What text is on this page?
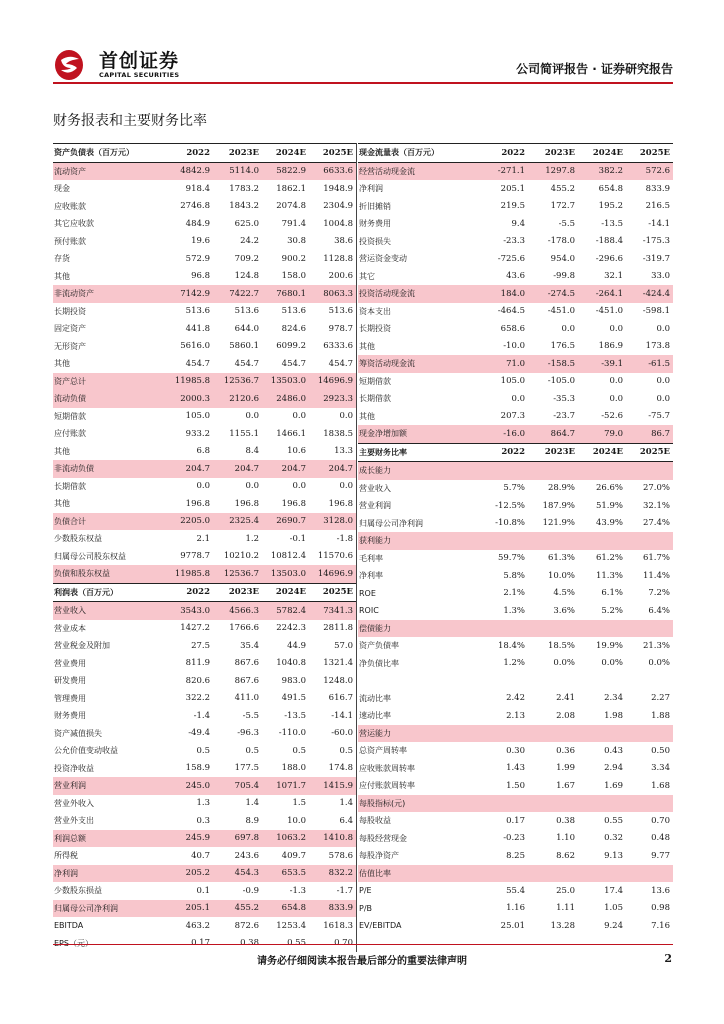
首创证券
CAPITAL SECURITIES	公司简评报告 · 证券研究报告
财务报表和主要财务比率
资产负债表（百万元）	2022	2023E	2024E	2025E
流动资产	4842.9	5114.0	5822.9	6633.6
现金	918.4	1783.2	1862.1	1948.9
应收账款	2746.8	1843.2	2074.8	2304.9
其它应收款	484.9	625.0	791.4	1004.8
预付账款	19.6	24.2	30.8	38.6
存货	572.9	709.2	900.2	1128.8
其他	96.8	124.8	158.0	200.6
非流动资产	7142.9	7422.7	7680.1	8063.3
长期投资	513.6	513.6	513.6	513.6
固定资产	441.8	644.0	824.6	978.7
无形资产	5616.0	5860.1	6099.2	6333.6
其他	454.7	454.7	454.7	454.7
资产总计	11985.8	12536.7	13503.0	14696.9
流动负债	2000.3	2120.6	2486.0	2923.3
短期借款	105.0	0.0	0.0	0.0
应付账款	933.2	1155.1	1466.1	1838.5
其他	6.8	8.4	10.6	13.3
非流动负债	204.7	204.7	204.7	204.7
长期借款	0.0	0.0	0.0	0.0
其他	196.8	196.8	196.8	196.8
负债合计	2205.0	2325.4	2690.7	3128.0
少数股东权益	2.1	1.2	-0.1	-1.8
归属母公司股东权益	9778.7	10210.2	10812.4	11570.6
负债和股东权益	11985.8	12536.7	13503.0	14696.9
利润表（百万元）	2022	2023E	2024E	2025E
营业收入	3543.0	4566.3	5782.4	7341.3
营业成本	1427.2	1766.6	2242.3	2811.8
营业税金及附加	27.5	35.4	44.9	57.0
营业费用	811.9	867.6	1040.8	1321.4
研发费用	820.6	867.6	983.0	1248.0
管理费用	322.2	411.0	491.5	616.7
财务费用	-1.4	-5.5	-13.5	-14.1
资产减值损失	-49.4	-96.3	-110.0	-60.0
公允价值变动收益	0.5	0.5	0.5	0.5
投资净收益	158.9	177.5	188.0	174.8
营业利润	245.0	705.4	1071.7	1415.9
营业外收入	1.3	1.4	1.5	1.4
营业外支出	0.3	8.9	10.0	6.4
利润总额	245.9	697.8	1063.2	1410.8
所得税	40.7	243.6	409.7	578.6
净利润	205.2	454.3	653.5	832.2
少数股东损益	0.1	-0.9	-1.3	-1.7
归属母公司净利润	205.1	455.2	654.8	833.9
EBITDA	463.2	872.6	1253.4	1618.3

现金流量表（百万元）	2022	2023E	2024E	2025E
经营活动现金流	-271.1	1297.8	382.2	572.6
净利润	205.1	455.2	654.8	833.9
折旧摊销	219.5	172.7	195.2	216.5
财务费用	9.4	-5.5	-13.5	-14.1
投资损失	-23.3	-178.0	-188.4	-175.3
营运资金变动	-725.6	954.0	-296.6	-319.7
其它	43.6	-99.8	32.1	33.0
投资活动现金流	184.0	-274.5	-264.1	-424.4
资本支出	-464.5	-451.0	-451.0	-598.1
长期投资	658.6	0.0	0.0	0.0
其他	-10.0	176.5	186.9	173.8
筹资活动现金流	71.0	-158.5	-39.1	-61.5
短期借款	105.0	-105.0	0.0	0.0
长期借款	0.0	-35.3	0.0	0.0
其他	207.3	-23.7	-52.6	-75.7
现金净增加额	-16.0	864.7	79.0	86.7
主要财务比率	2022	2023E	2024E	2025E
成长能力				
营业收入	5.7%	28.9%	26.6%	27.0%
营业利润	-12.5%	187.9%	51.9%	32.1%
归属母公司净利润	-10.8%	121.9%	43.9%	27.4%
获利能力				
毛利率	59.7%	61.3%	61.2%	61.7%
净利率	5.8%	10.0%	11.3%	11.4%
ROE	2.1%	4.5%	6.1%	7.2%
ROIC	1.3%	3.6%	5.2%	6.4%
偿债能力				
资产负债率	18.4%	18.5%	19.9%	21.3%
净负债比率	1.2%	0.0%	0.0%	0.0%

流动比率	2.42	2.41	2.34	2.27
速动比率	2.13	2.08	1.98	1.88
营运能力				
总资产周转率	0.30	0.36	0.43	0.50
应收账款周转率	1.43	1.99	2.94	3.34
应付账款周转率	1.50	1.67	1.69	1.68
每股指标(元)				
每股收益	0.17	0.38	0.55	0.70
每股经营现金	-0.23	1.10	0.32	0.48
每股净资产	8.25	8.62	9.13	9.77
估值比率				
P/E	55.4	25.0	17.4	13.6
P/B	1.16	1.11	1.05	0.98
EV/EBITDA	25.01	13.28	9.24	7.16
请务必仔细阅读本报告最后部分的重要法律声明	2
